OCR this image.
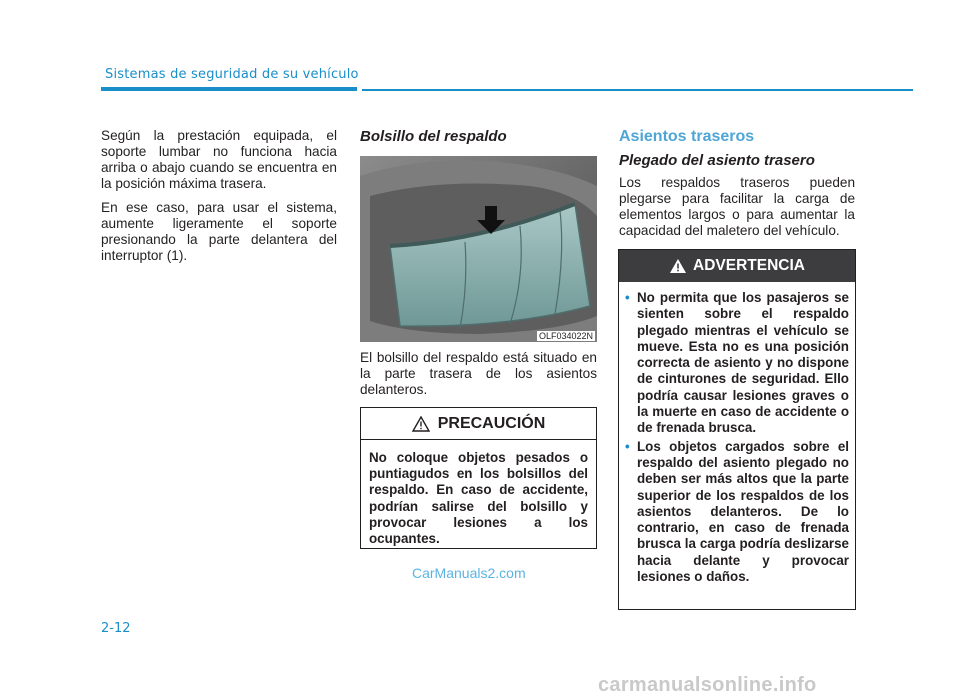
Sistemas de seguridad de su vehículo

Según la prestación equipada, el soporte lumbar no funciona hacia arriba o abajo cuando se encuentra en la posición máxima trasera.

En ese caso, para usar el sistema, aumente ligeramente el soporte presionando la parte delantera del interruptor (1).

Bolsillo del respaldo
OLF034022N
El bolsillo del respaldo está situado en la parte trasera de los asientos delanteros.
PRECAUCIÓN
No coloque objetos pesados o puntiagudos en los bolsillos del respaldo. En caso de accidente, podrían salirse del bolsillo y provocar lesiones a los ocupantes.
Asientos traseros
Plegado del asiento trasero
Los respaldos traseros pueden plegarse para facilitar la carga de elementos largos o para aumentar la capacidad del maletero del vehículo.
ADVERTENCIA
• No permita que los pasajeros se sienten sobre el respaldo plegado mientras el vehículo se mueve. Esta no es una posición correcta de asiento y no dispone de cinturones de seguridad. Ello podría causar lesiones graves o la muerte en caso de accidente o de frenada brusca.
• Los objetos cargados sobre el respaldo del asiento plegado no deben ser más altos que la parte superior de los respaldos de los asientos delanteros. De lo contrario, en caso de frenada brusca la carga podría deslizarse hacia delante y provocar lesiones o daños.
CarManuals2.com
2-12
carmanualsonline.info
